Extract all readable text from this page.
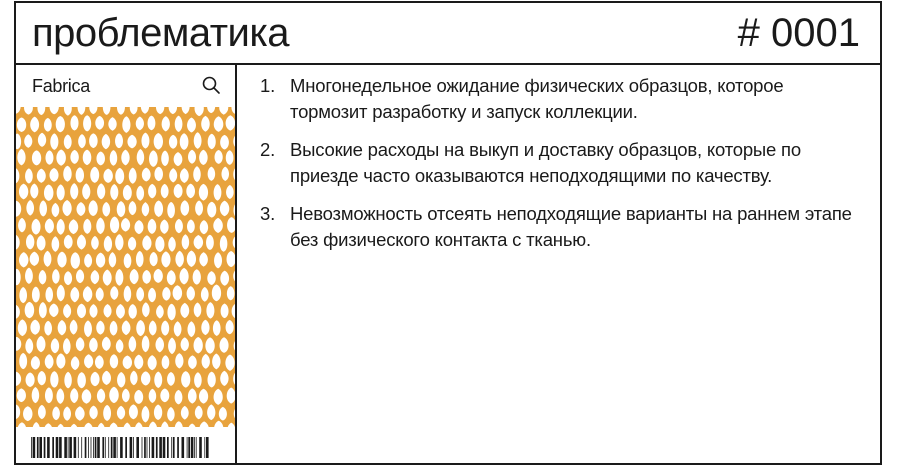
проблематика	# 0001
Fabrica	1. Многонедельное ожидание физических образцов, которое тормозит разработку и запуск коллекции.
2. Высокие расходы на выкуп и доставку образцов, которые по приезде часто оказываются неподходящими по качеству.
3. Невозможность отсеять неподходящие варианты на раннем этапе без физического контакта с тканью.
